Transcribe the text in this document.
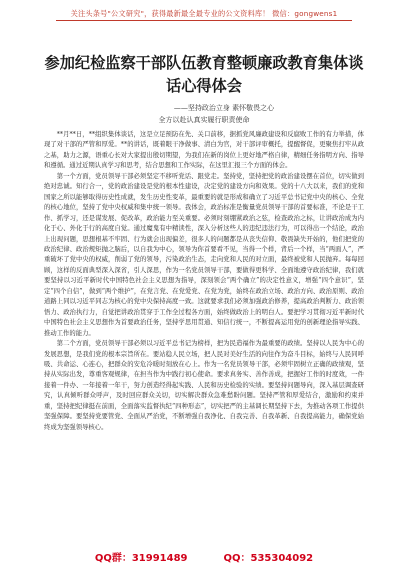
关注头条号"公文研究"，获得最新最全最专业的公文资料库！ 微信：gongwens1
参加纪检监察干部队伍教育整顿廉政教育集体谈话心得体会
——坚持政治立身 素怀敬畏之心
全方以赴认真实履行职责使命

**月**日，**组织集体谈话，这是立足预防在先、关口前移，据抓党风廉政建设和反腐败工作的有力举措，体现了对干部的严管和厚爱。**的讲话，既着眼干净做事、清白为官，对干部评审概托，提醒督促，更聚焦打牢从政之基，助力之源，语重心长对大家提出殷切期望，为我们在新的岗位上更好地严格自律，精细任务指明方向、指导和遵循。通过近期认真学习和思考，结合思想和工作实际，在这里汇报三个方面的体会。

第一个方面，党员领导干部必须坚定不移听党话、跟党走。坚持党，坚持把党的政治建设摆在首位，切实做到绝对忠诚。知行合一，党的政治建设是党的根本性建设，决定党的建设方向和效果。党的十八大以来，我们的党和国家之所以能够取得历史性成就，发生历史性变革，最重要的就是形成和确立了习近平总书记党中央的核心、全党的核心地位，坚持了党中央权威和集中统一领导。我体会，政治标准是衡量党员领导干部的首要标准，不论是干工作、抓学习，还是谋发展、促改革，政治能力至关重要。必须时刻绷紧政治之弦，检查政治之标，让讲政治成为内化于心、外化于行的高度自觉。通过魔鬼有中精读性，深入分析这些人的违纪违法行为，可以得出一个结论，政治上出现问题，思想根基不牢固、行为就会出现偏差，很多人的问题都是从丧失信仰、敬畏缺失开始的，他们把党的政治纪律、政治规矩抛之脑后，以自我为中心，领导为你首要看不见，当得一个样，背后一个样，当“两面人”，严重破坏了党中央的权威，削弱了党的领导，污染政治生态，走向党和人民的对立面，最终被党和人民抛弃。每每回顾，这样的反面典型深入深省，引人深思，作为一名党员领导干部，要做得更科学、全面地遵守政治纪律，我们就要坚持以习近平新时代中国特色社会主义思想为指导，深刻领会“两个确立”的决定性意义，增强“四个意识”，坚定“四个自信”，做到“两个维护”，在党言党、在党爱党、在党为党，始终在政治立场、政治方向、政治原则、政治道路上同以习近平同志为核心的党中央保持高度一致。这就要求我们必须加强政治修养，提高政治判断力、政治领悟力、政治执行力，自觉把讲政治贯穿于工作全过程各方面，始终做政治上的明白人。要把学习贯彻习近平新时代中国特色社会主义思想作为首要政治任务，坚持学思用贯通、知信行统一，不断提高运用党的创新理论指导实践、推动工作的能力。

第二个方面，党员领导干部必须以习近平总书记为榜样，把为民造福作为最重要的政绩。坚持以人民为中心的发展思想，是我们党的根本宗旨所在。要站稳人民立场，把人民对美好生活的向往作为奋斗目标，始终与人民同呼吸、共命运、心连心，把群众的安危冷暖时刻放在心上。作为一名党员领导干部，必须牢固树立正确的政绩观，坚持从实际出发，尊重客观规律，在担当作为中践行初心使命。要求真务实、善作善成，把握好工作的时度效，一件接着一件办、一年接着一年干，努力创造经得起实践、人民和历史检验的实绩。要坚持问题导向，深入基层调查研究，认真倾听群众呼声，及时回应群众关切，切实解决群众急难愁盼问题。坚持严管和厚爱结合，激励和约束并重，坚持把纪律挺在前面，全面落实监督执纪“四种形态”，切实把严的主基调长期坚持下去，为推动各项工作提供坚强保障。要坚持党要管党、全面从严治党，不断增强自我净化、自我完善、自我革新、自我提高能力，确保党始终成为坚强领导核心。

QQ群：31991489	QQ：535304092
